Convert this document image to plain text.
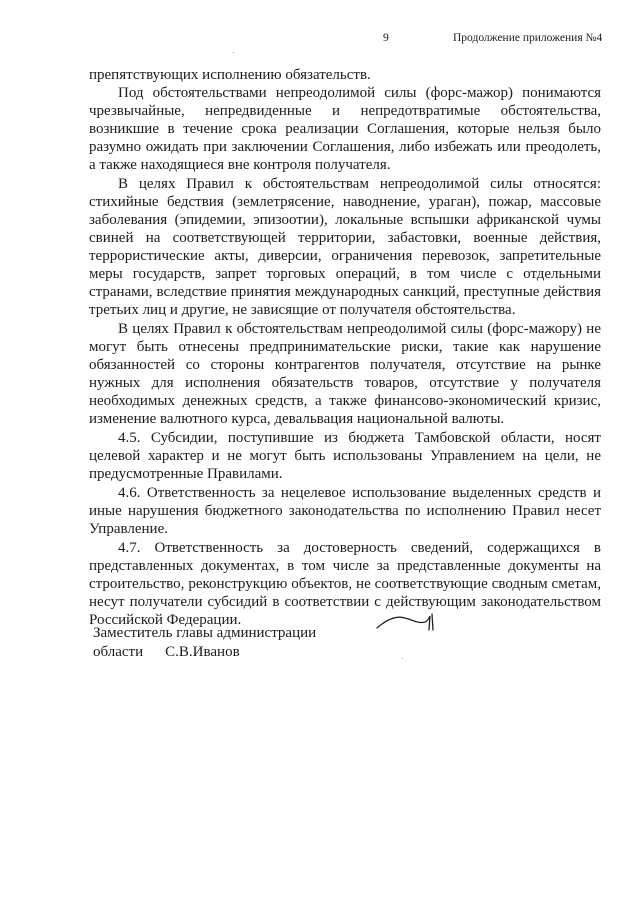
9	Продолжение приложения №4

препятствующих исполнению обязательств.

Под обстоятельствами непреодолимой силы (форс-мажор) понимаются чрезвычайные, непредвиденные и непредотвратимые обстоятельства, возникшие в течение срока реализации Соглашения, которые нельзя было разумно ожидать при заключении Соглашения, либо избежать или преодолеть, а также находящиеся вне контроля получателя.

В целях Правил к обстоятельствам непреодолимой силы относятся: стихийные бедствия (землетрясение, наводнение, ураган), пожар, массовые заболевания (эпидемии, эпизоотии), локальные вспышки африканской чумы свиней на соответствующей территории, забастовки, военные действия, террористические акты, диверсии, ограничения перевозок, запретительные меры государств, запрет торговых операций, в том числе с отдельными странами, вследствие принятия международных санкций, преступные действия третьих лиц и другие, не зависящие от получателя обстоятельства.

В целях Правил к обстоятельствам непреодолимой силы (форс-мажору) не могут быть отнесены предпринимательские риски, такие как нарушение обязанностей со стороны контрагентов получателя, отсутствие на рынке нужных для исполнения обязательств товаров, отсутствие у получателя необходимых денежных средств, а также финансово-экономический кризис, изменение валютного курса, девальвация национальной валюты.

4.5. Субсидии, поступившие из бюджета Тамбовской области, носят целевой характер и не могут быть использованы Управлением на цели, не предусмотренные Правилами.

4.6. Ответственность за нецелевое использование выделенных средств и иные нарушения бюджетного законодательства по исполнению Правил несет Управление.

4.7. Ответственность за достоверность сведений, содержащихся в представленных документах, в том числе за представленные документы на строительство, реконструкцию объектов, не соответствующие сводным сметам, несут получатели субсидий в соответствии с действующим законодательством Российской Федерации.

Заместитель главы администрации
области С.В.Иванов
